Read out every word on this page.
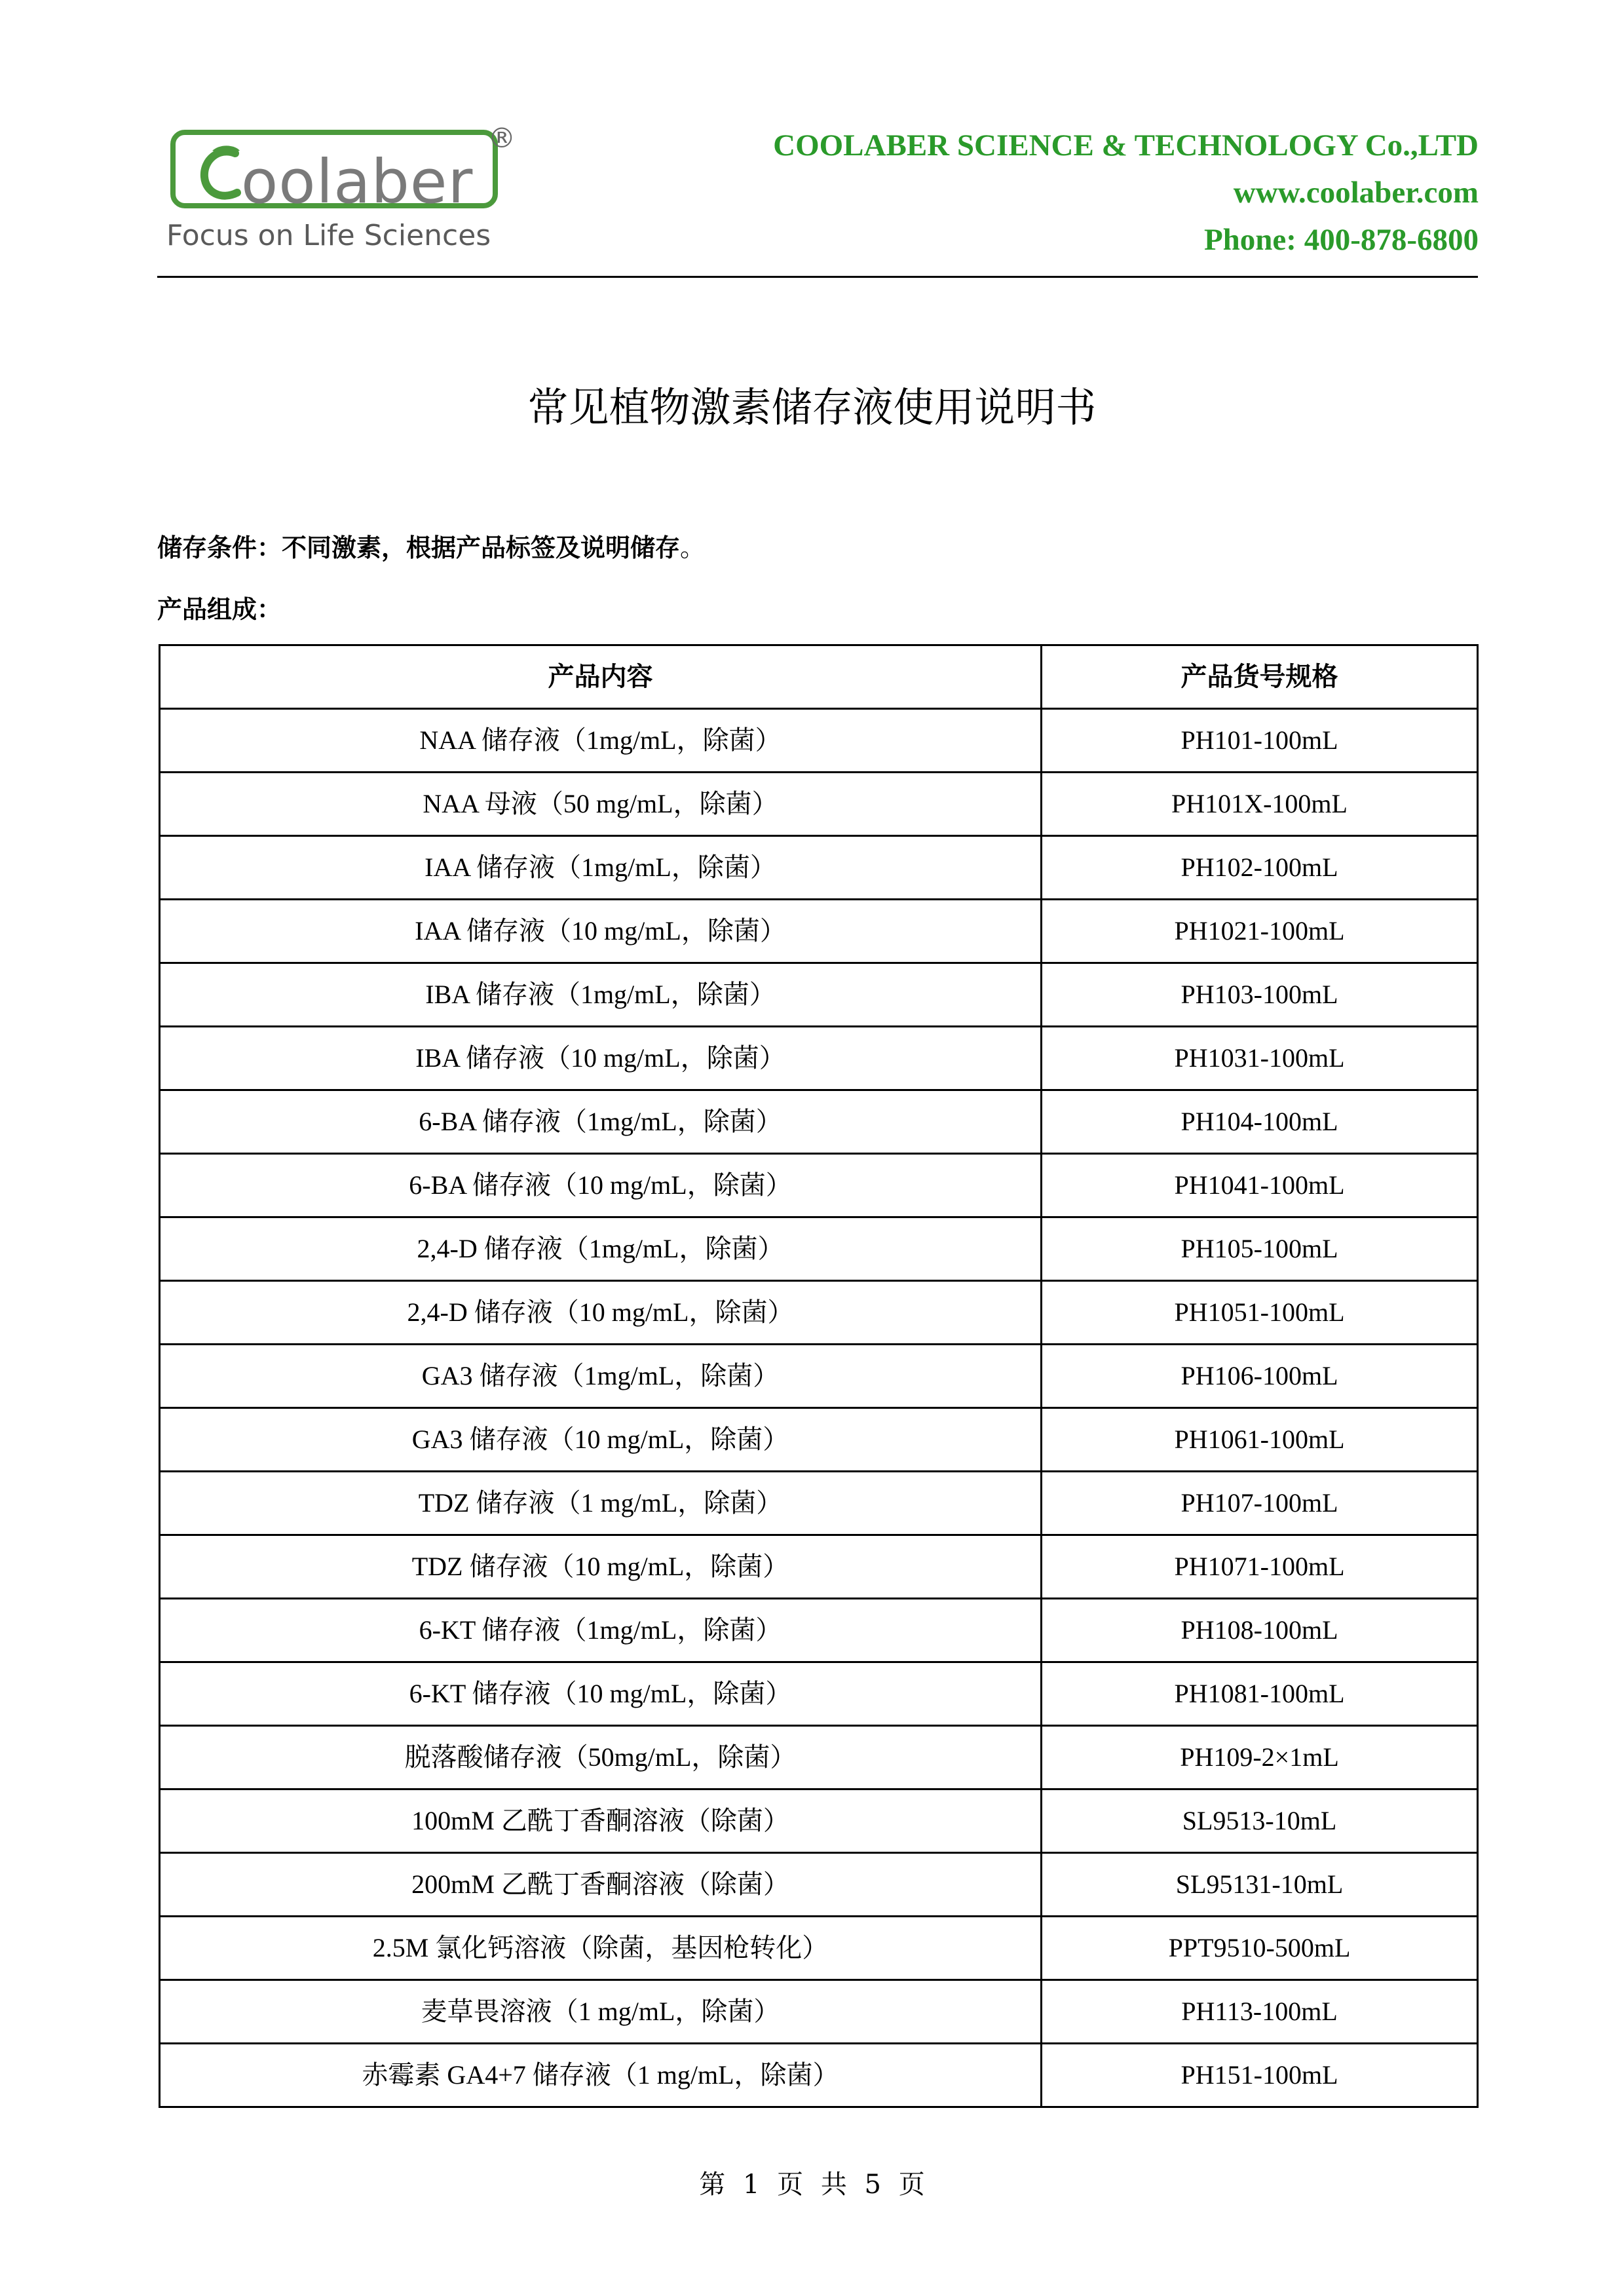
oolaber
®
Focus on Life Sciences
COOLABER SCIENCE & TECHNOLOGY Co.,LTD
www.coolaber.com
Phone: 400-878-6800
常见植物激素储存液使用说明书
储存条件：不同激素，根据产品标签及说明储存。
产品组成：
产品内容	产品货号规格
NAA 储存液（1mg/mL，除菌）	PH101-100mL
NAA 母液（50 mg/mL，除菌）	PH101X-100mL
IAA 储存液（1mg/mL，除菌）	PH102-100mL
IAA 储存液（10 mg/mL，除菌）	PH1021-100mL
IBA 储存液（1mg/mL，除菌）	PH103-100mL
IBA 储存液（10 mg/mL，除菌）	PH1031-100mL
6-BA 储存液（1mg/mL，除菌）	PH104-100mL
6-BA 储存液（10 mg/mL，除菌）	PH1041-100mL
2,4-D 储存液（1mg/mL，除菌）	PH105-100mL
2,4-D 储存液（10 mg/mL，除菌）	PH1051-100mL
GA3 储存液（1mg/mL，除菌）	PH106-100mL
GA3 储存液（10 mg/mL，除菌）	PH1061-100mL
TDZ 储存液（1 mg/mL，除菌）	PH107-100mL
TDZ 储存液（10 mg/mL，除菌）	PH1071-100mL
6-KT 储存液（1mg/mL，除菌）	PH108-100mL
6-KT 储存液（10 mg/mL，除菌）	PH1081-100mL
脱落酸储存液（50mg/mL，除菌）	PH109-2×1mL
100mM 乙酰丁香酮溶液（除菌）	SL9513-10mL
200mM 乙酰丁香酮溶液（除菌）	SL95131-10mL
2.5M 氯化钙溶液（除菌，基因枪转化）	PPT9510-500mL
麦草畏溶液（1 mg/mL，除菌）	PH113-100mL
赤霉素 GA4+7 储存液（1 mg/mL，除菌）	PH151-100mL
第 1 页 共 5 页
